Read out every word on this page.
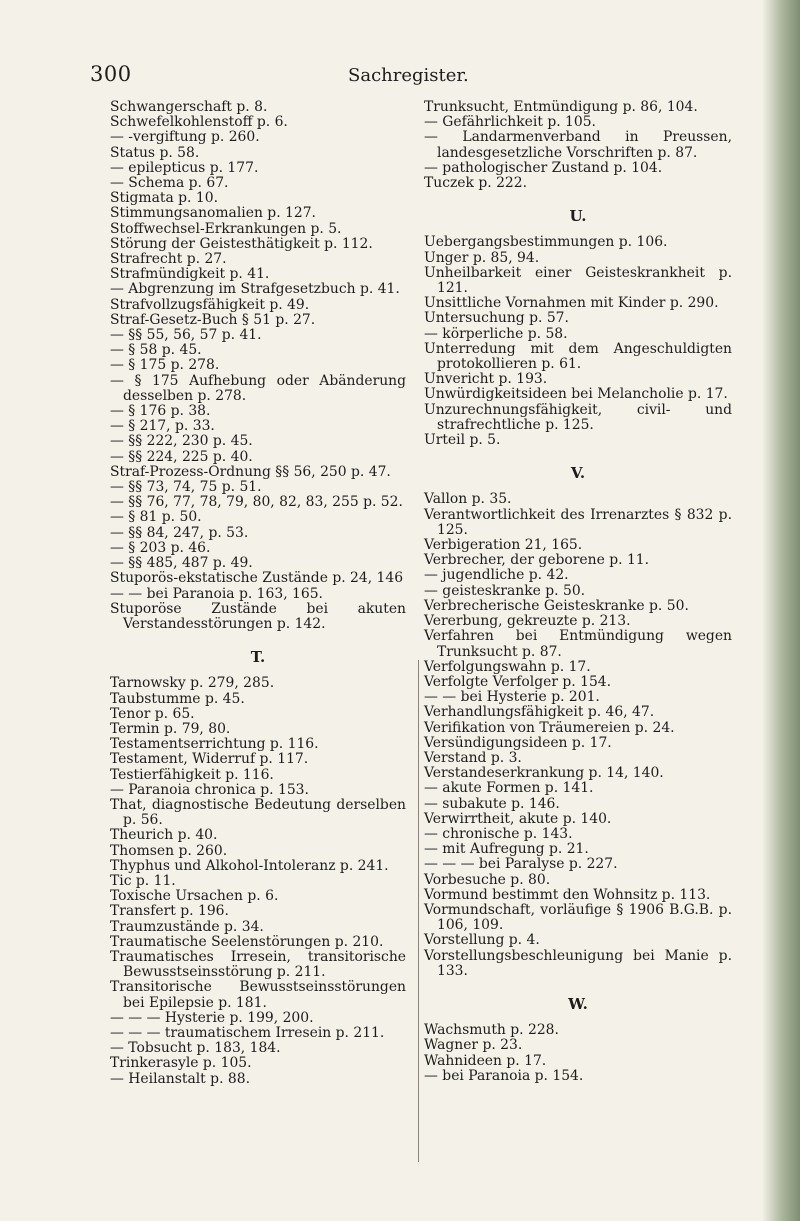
300	Sachregister.

Schwangerschaft p. 8.

Schwefelkohlenstoff p. 6.

— -vergiftung p. 260.

Status p. 58.

— epilepticus p. 177.

— Schema p. 67.

Stigmata p. 10.

Stimmungsanomalien p. 127.

Stoffwechsel-Erkrankungen p. 5.

Störung der Geistesthätigkeit p. 112.

Strafrecht p. 27.

Strafmündigkeit p. 41.

— Abgrenzung im Strafgesetzbuch p. 41.

Strafvollzugsfähigkeit p. 49.

Straf-Gesetz-Buch § 51 p. 27.

— §§ 55, 56, 57 p. 41.

— § 58 p. 45.

— § 175 p. 278.

— § 175 Aufhebung oder Abänderung desselben p. 278.

— § 176 p. 38.

— § 217, p. 33.

— §§ 222, 230 p. 45.

— §§ 224, 225 p. 40.

Straf-Prozess-Ordnung §§ 56, 250 p. 47.

— §§ 73, 74, 75 p. 51.

— §§ 76, 77, 78, 79, 80, 82, 83, 255 p. 52.

— § 81 p. 50.

— §§ 84, 247, p. 53.

— § 203 p. 46.

— §§ 485, 487 p. 49.

Stuporös-ekstatische Zustände p. 24, 146

— — bei Paranoia p. 163, 165.

Stuporöse Zustände bei akuten Verstandesstörungen p. 142.

T.

Tarnowsky p. 279, 285.

Taubstumme p. 45.

Tenor p. 65.

Termin p. 79, 80.

Testamentserrichtung p. 116.

Testament, Widerruf p. 117.

Testierfähigkeit p. 116.

— Paranoia chronica p. 153.

That, diagnostische Bedeutung derselben p. 56.

Theurich p. 40.

Thomsen p. 260.

Thyphus und Alkohol-Intoleranz p. 241.

Tic p. 11.

Toxische Ursachen p. 6.

Transfert p. 196.

Traumzustände p. 34.

Traumatische Seelenstörungen p. 210.

Traumatisches Irresein, transitorische Bewusstseinsstörung p. 211.

Transitorische Bewusstseinsstörungen bei Epilepsie p. 181.

— — — Hysterie p. 199, 200.

— — — traumatischem Irresein p. 211.

— Tobsucht p. 183, 184.

Trinkerasyle p. 105.

— Heilanstalt p. 88.

Trunksucht, Entmündigung p. 86, 104.

— Gefährlichkeit p. 105.

— Landarmenverband in Preussen, landesgesetzliche Vorschriften p. 87.

— pathologischer Zustand p. 104.

Tuczek p. 222.

U.

Uebergangsbestimmungen p. 106.

Unger p. 85, 94.

Unheilbarkeit einer Geisteskrankheit p. 121.

Unsittliche Vornahmen mit Kinder p. 290.

Untersuchung p. 57.

— körperliche p. 58.

Unterredung mit dem Angeschuldigten protokollieren p. 61.

Unvericht p. 193.

Unwürdigkeitsideen bei Melancholie p. 17.

Unzurechnungsfähigkeit, civil- und strafrechtliche p. 125.

Urteil p. 5.

V.

Vallon p. 35.

Verantwortlichkeit des Irrenarztes § 832 p. 125.

Verbigeration 21, 165.

Verbrecher, der geborene p. 11.

— jugendliche p. 42.

— geisteskranke p. 50.

Verbrecherische Geisteskranke p. 50.

Vererbung, gekreuzte p. 213.

Verfahren bei Entmündigung wegen Trunksucht p. 87.

Verfolgungswahn p. 17.

Verfolgte Verfolger p. 154.

— — bei Hysterie p. 201.

Verhandlungsfähigkeit p. 46, 47.

Verifikation von Träumereien p. 24.

Versündigungsideen p. 17.

Verstand p. 3.

Verstandeserkrankung p. 14, 140.

— akute Formen p. 141.

— subakute p. 146.

Verwirrtheit, akute p. 140.

— chronische p. 143.

— mit Aufregung p. 21.

— — — bei Paralyse p. 227.

Vorbesuche p. 80.

Vormund bestimmt den Wohnsitz p. 113.

Vormundschaft, vorläufige § 1906 B.G.B. p. 106, 109.

Vorstellung p. 4.

Vorstellungsbeschleunigung bei Manie p. 133.

W.

Wachsmuth p. 228.

Wagner p. 23.

Wahnideen p. 17.

— bei Paranoia p. 154.
